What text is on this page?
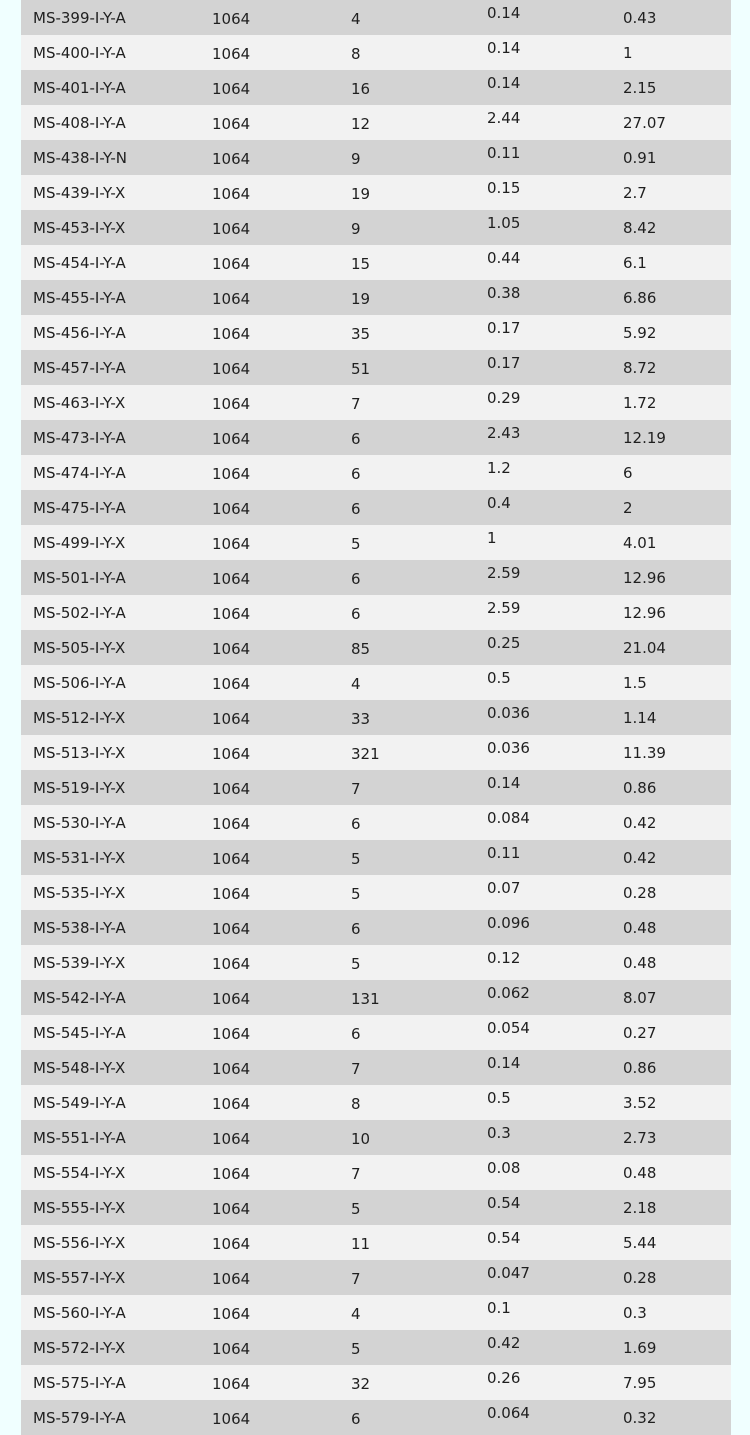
MS-399-I-Y-A	1064	4	0.14	0.43
MS-400-I-Y-A	1064	8	0.14	1
MS-401-I-Y-A	1064	16	0.14	2.15
MS-408-I-Y-A	1064	12	2.44	27.07
MS-438-I-Y-N	1064	9	0.11	0.91
MS-439-I-Y-X	1064	19	0.15	2.7
MS-453-I-Y-X	1064	9	1.05	8.42
MS-454-I-Y-A	1064	15	0.44	6.1
MS-455-I-Y-A	1064	19	0.38	6.86
MS-456-I-Y-A	1064	35	0.17	5.92
MS-457-I-Y-A	1064	51	0.17	8.72
MS-463-I-Y-X	1064	7	0.29	1.72
MS-473-I-Y-A	1064	6	2.43	12.19
MS-474-I-Y-A	1064	6	1.2	6
MS-475-I-Y-A	1064	6	0.4	2
MS-499-I-Y-X	1064	5	1	4.01
MS-501-I-Y-A	1064	6	2.59	12.96
MS-502-I-Y-A	1064	6	2.59	12.96
MS-505-I-Y-X	1064	85	0.25	21.04
MS-506-I-Y-A	1064	4	0.5	1.5
MS-512-I-Y-X	1064	33	0.036	1.14
MS-513-I-Y-X	1064	321	0.036	11.39
MS-519-I-Y-X	1064	7	0.14	0.86
MS-530-I-Y-A	1064	6	0.084	0.42
MS-531-I-Y-X	1064	5	0.11	0.42
MS-535-I-Y-X	1064	5	0.07	0.28
MS-538-I-Y-A	1064	6	0.096	0.48
MS-539-I-Y-X	1064	5	0.12	0.48
MS-542-I-Y-A	1064	131	0.062	8.07
MS-545-I-Y-A	1064	6	0.054	0.27
MS-548-I-Y-X	1064	7	0.14	0.86
MS-549-I-Y-A	1064	8	0.5	3.52
MS-551-I-Y-A	1064	10	0.3	2.73
MS-554-I-Y-X	1064	7	0.08	0.48
MS-555-I-Y-X	1064	5	0.54	2.18
MS-556-I-Y-X	1064	11	0.54	5.44
MS-557-I-Y-X	1064	7	0.047	0.28
MS-560-I-Y-A	1064	4	0.1	0.3
MS-572-I-Y-X	1064	5	0.42	1.69
MS-575-I-Y-A	1064	32	0.26	7.95
MS-579-I-Y-A	1064	6	0.064	0.32
